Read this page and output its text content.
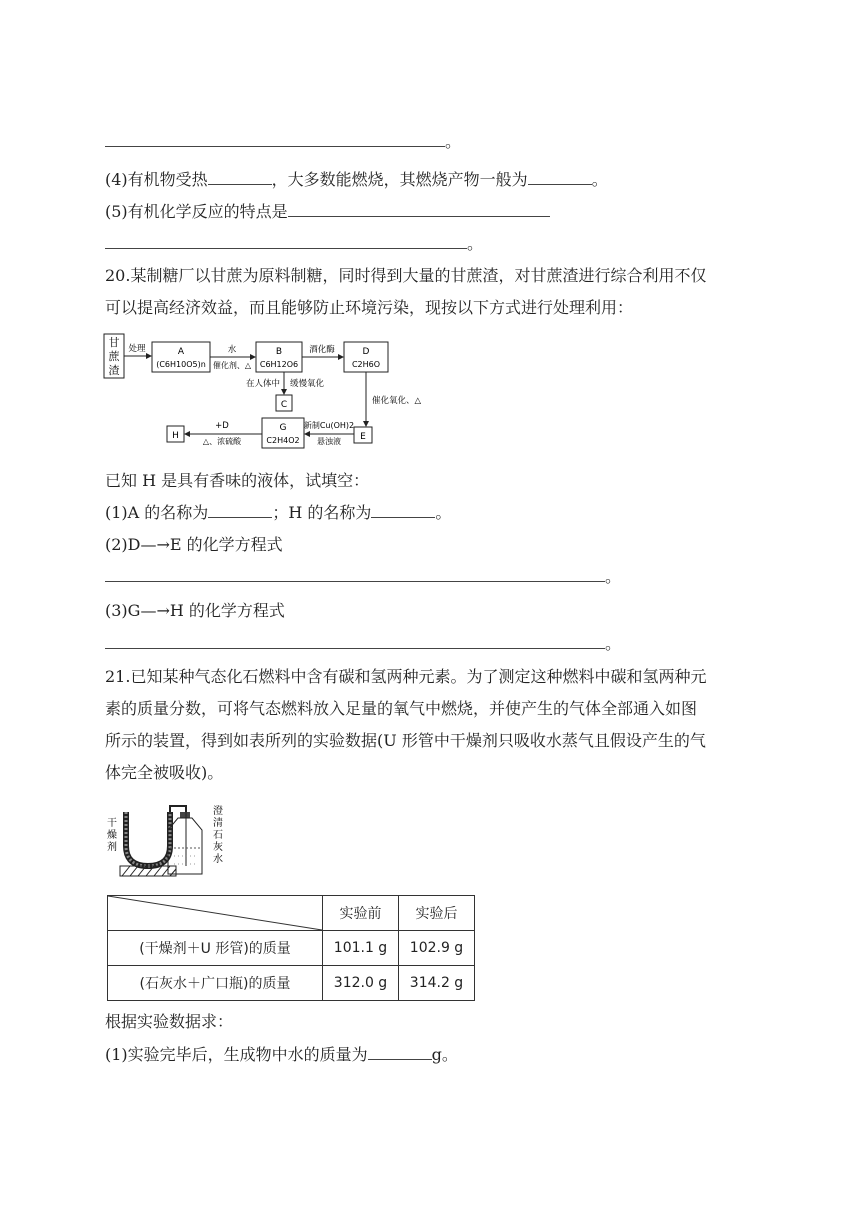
。
(4)有机物受热	，大多数能燃烧，其燃烧产物一般为	。
(5)有机化学反应的特点是
。
20.某制糖厂以甘蔗为原料制糖，同时得到大量的甘蔗渣，对甘蔗渣进行综合利用不仅
可以提高经济效益，而且能够防止环境污染，现按以下方式进行处理利用：
甘
蔗
渣
处理	A
(C6H10O5)n
水
催化剂、△
B
C6H12O6
酒化酶	D
C2H6O
在人体中 缓慢氧化
C	催化氧化、△
E
新制Cu(OH)2
悬浊液
G
C2H4O2
+D
△、浓硫酸
H
已知 H 是具有香味的液体，试填空：
(1)A 的名称为	；H 的名称为	。
(2)D—→E 的化学方程式
。
(3)G—→H 的化学方程式
。
21.已知某种气态化石燃料中含有碳和氢两种元素。为了测定这种燃料中碳和氢两种元
素的质量分数，可将气态燃料放入足量的氧气中燃烧，并使产生的气体全部通入如图
所示的装置，得到如表所列的实验数据(U 形管中干燥剂只吸收水蒸气且假设产生的气
体完全被吸收)。
干
燥
剂
澄
清
石
灰
水
	实验前	实验后
(干燥剂＋U 形管)的质量	101.1 g	102.9 g
(石灰水＋广口瓶)的质量	312.0 g	314.2 g
根据实验数据求：
(1)实验完毕后，生成物中水的质量为	g。
